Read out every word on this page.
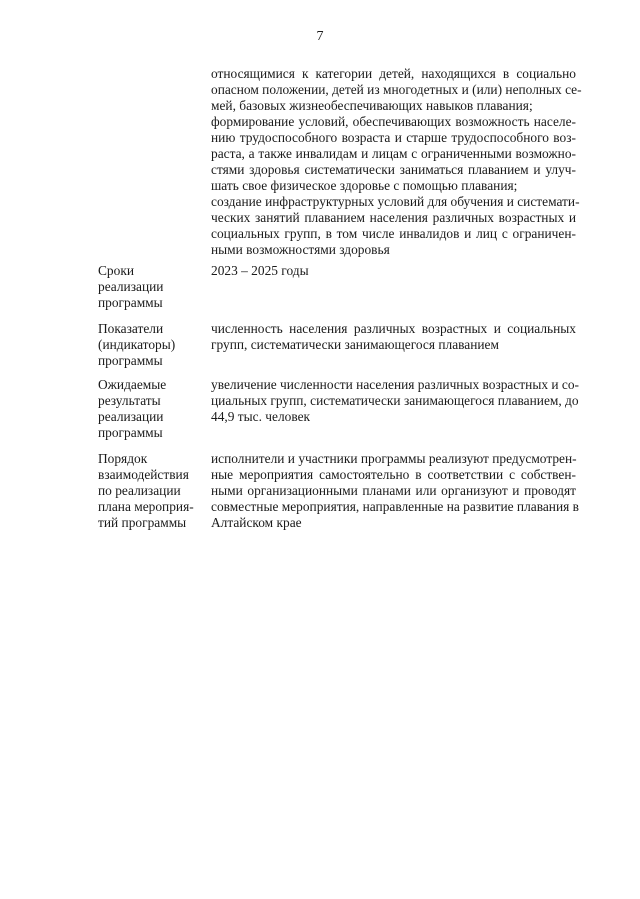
7

относящимися к категории детей, находящихся в социально

опасном положении, детей из многодетных и (или) неполных се-

мей, базовых жизнеобеспечивающих навыков плавания;

формирование условий, обеспечивающих возможность населе-

нию трудоспособного возраста и старше трудоспособного воз-

раста, а также инвалидам и лицам с ограниченными возможно-

стями здоровья систематически заниматься плаванием и улуч-

шать свое физическое здоровье с помощью плавания;

создание инфраструктурных условий для обучения и системати-

ческих занятий плаванием населения различных возрастных и

социальных групп, в том числе инвалидов и лиц с ограничен-

ными возможностями здоровья

Сроки

реализации

программы

2023 – 2025 годы

Показатели

(индикаторы)

программы

численность населения различных возрастных и социальных

групп, систематически занимающегося плаванием

Ожидаемые

результаты

реализации

программы

увеличение численности населения различных возрастных и со-

циальных групп, систематически занимающегося плаванием, до

44,9 тыс. человек

Порядок

взаимодействия

по реализации

плана мероприя-

тий программы

исполнители и участники программы реализуют предусмотрен-

ные мероприятия самостоятельно в соответствии с собствен-

ными организационными планами или организуют и проводят

совместные мероприятия, направленные на развитие плавания в

Алтайском крае
